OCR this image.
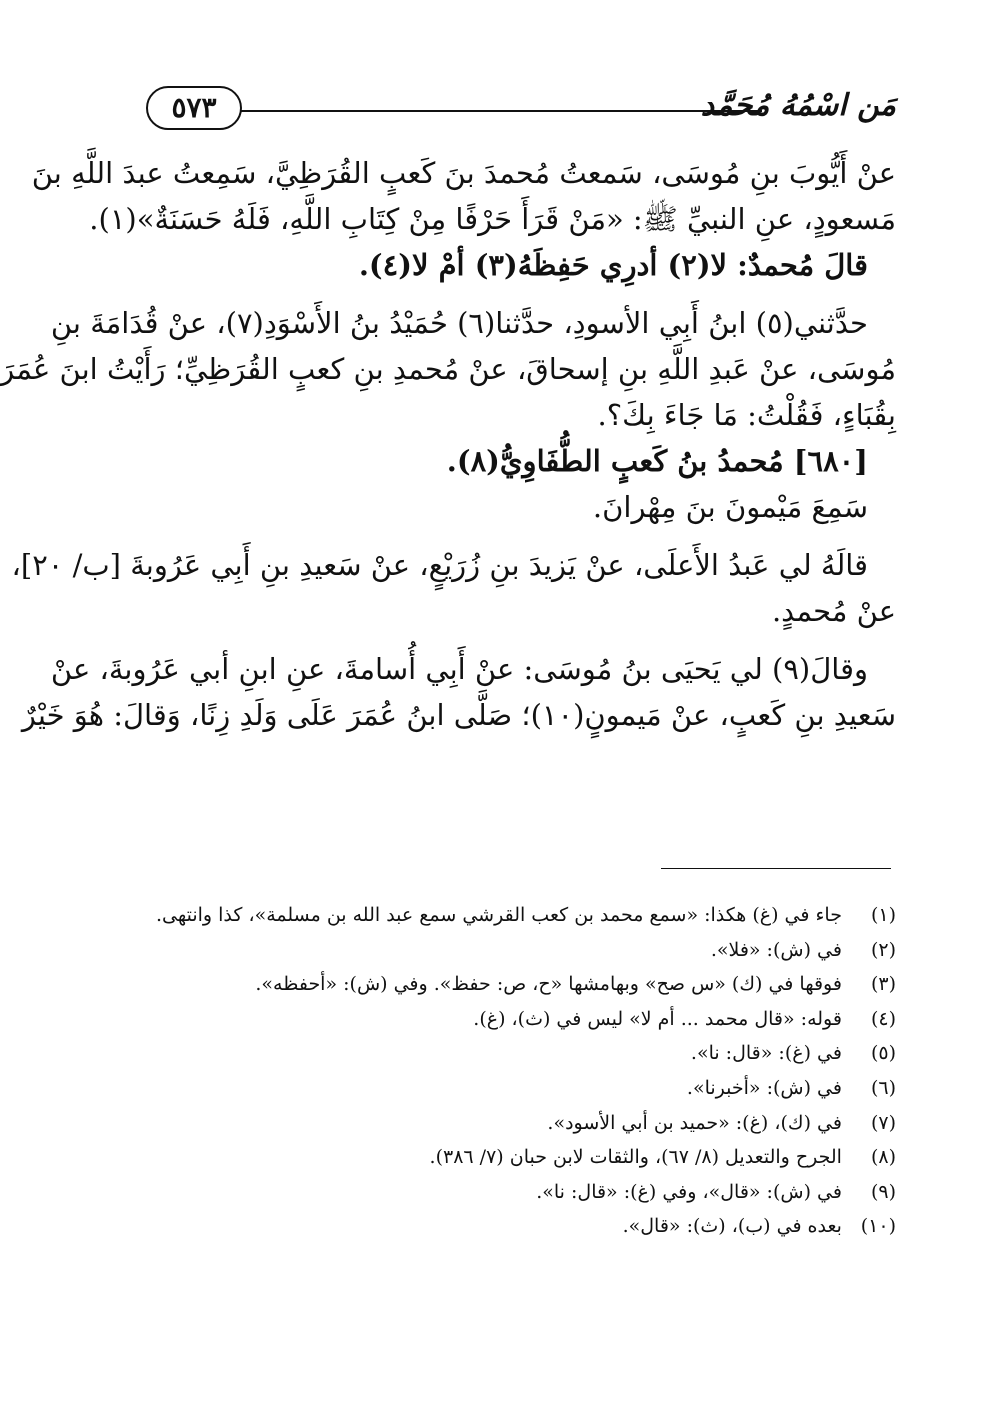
مَن اسْمُهُ مُحَمَّد
٥٧٣
عنْ أَيُّوبَ بنِ مُوسَى، سَمعتُ مُحمدَ بنَ كَعبٍ القُرَظِيَّ، سَمِعتُ عبدَ اللَّهِ بنَ
مَسعودٍ، عنِ النبيِّ ﷺ: «مَنْ قَرَأَ حَرْفًا مِنْ كِتَابِ اللَّهِ، فَلَهُ حَسَنَةٌ»(١).
قالَ مُحمدٌ: لا(٢) أدرِي حَفِظَهُ(٣) أمْ لا(٤).
حدَّثني(٥) ابنُ أَبِي الأسودِ، حدَّثنا(٦) حُمَيْدُ بنُ الأَسْوَدِ(٧)، عنْ قُدَامَةَ بنِ
مُوسَى، عنْ عَبدِ اللَّهِ بنِ إسحاقَ، عنْ مُحمدِ بنِ كعبٍ القُرَظِيِّ؛ رَأَيْتُ ابنَ عُمَرَ
بِقُبَاءٍ، فَقُلْتُ: مَا جَاءَ بِكَ؟.
[٦٨٠] مُحمدُ بنُ كَعبٍ الطُّفَاوِيُّ(٨).
سَمِعَ مَيْمونَ بنَ مِهْرانَ.
قالَهُ لي عَبدُ الأَعلَى، عنْ يَزيدَ بنِ زُرَيْعٍ، عنْ سَعيدِ بنِ أَبِي عَرُوبةَ [ب/ ٢٠]،
عنْ مُحمدٍ.
وقالَ(٩) لي يَحيَى بنُ مُوسَى: عنْ أَبِي أُسامةَ، عنِ ابنِ أبي عَرُوبةَ، عنْ
سَعيدِ بنِ كَعبٍ، عنْ مَيمونٍ(١٠)؛ صَلَّى ابنُ عُمَرَ عَلَى وَلَدِ زِنًا، وَقالَ: هُوَ خَيْرٌ
(١) جاء في (غ) هكذا: «سمع محمد بن كعب القرشي سمع عبد الله بن مسلمة»، كذا وانتهى.
(٢) في (ش): «فلا».
(٣) فوقها في (ك) «س صح» وبهامشها «ح، ص: حفظ». وفي (ش): «أحفظه».
(٤) قوله: «قال محمد ... أم لا» ليس في (ث)، (غ).
(٥) في (غ): «قال: نا».
(٦) في (ش): «أخبرنا».
(٧) في (ك)، (غ): «حميد بن أبي الأسود».
(٨) الجرح والتعديل (٨/ ٦٧)، والثقات لابن حبان (٧/ ٣٨٦).
(٩) في (ش): «قال»، وفي (غ): «قال: نا».
(١٠) بعده في (ب)، (ث): «قال».
